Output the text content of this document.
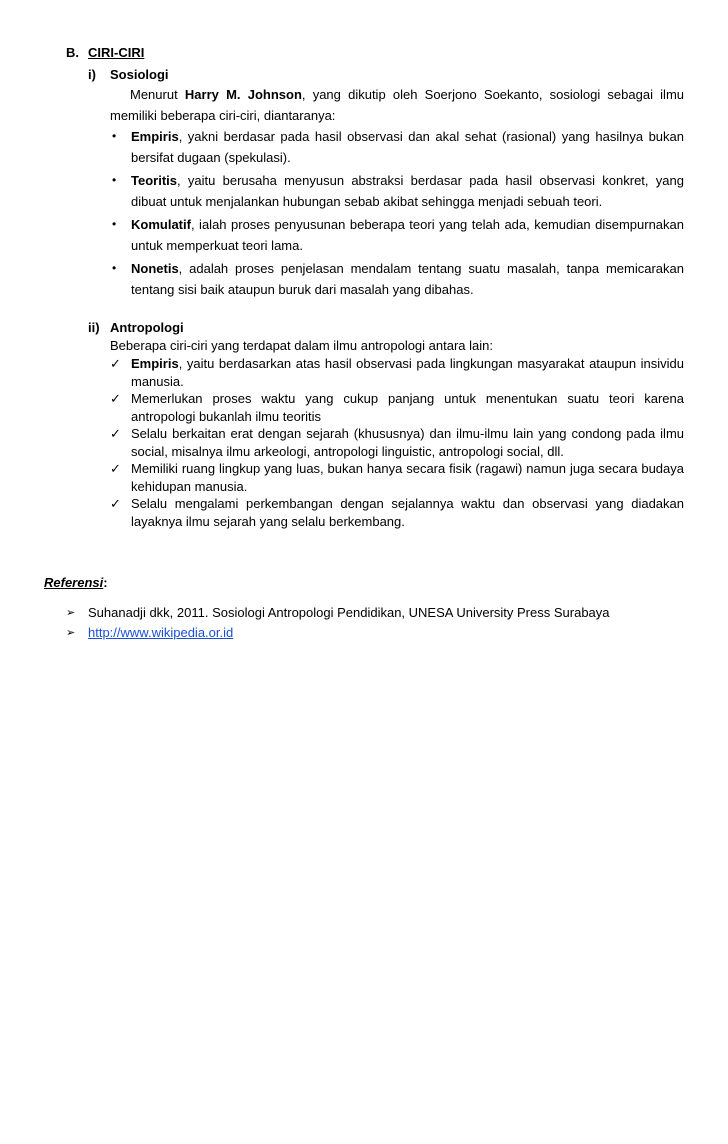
B. CIRI-CIRI
i) Sosiologi
Menurut Harry M. Johnson, yang dikutip oleh Soerjono Soekanto, sosiologi sebagai ilmu memiliki beberapa ciri-ciri, diantaranya:
• Empiris, yakni berdasar pada hasil observasi dan akal sehat (rasional) yang hasilnya bukan bersifat dugaan (spekulasi).
• Teoritis, yaitu berusaha menyusun abstraksi berdasar pada hasil observasi konkret, yang dibuat untuk menjalankan hubungan sebab akibat sehingga menjadi sebuah teori.
• Komulatif, ialah proses penyusunan beberapa teori yang telah ada, kemudian disempurnakan untuk memperkuat teori lama.
• Nonetis, adalah proses penjelasan mendalam tentang suatu masalah, tanpa memicarakan tentang sisi baik ataupun buruk dari masalah yang dibahas.
ii) Antropologi
Beberapa ciri-ciri yang terdapat dalam ilmu antropologi antara lain:
✓ Empiris, yaitu berdasarkan atas hasil observasi pada lingkungan masyarakat ataupun insividu manusia.
✓ Memerlukan proses waktu yang cukup panjang untuk menentukan suatu teori karena antropologi bukanlah ilmu teoritis
✓ Selalu berkaitan erat dengan sejarah (khususnya) dan ilmu-ilmu lain yang condong pada ilmu social, misalnya ilmu arkeologi, antropologi linguistic, antropologi social, dll.
✓ Memiliki ruang lingkup yang luas, bukan hanya secara fisik (ragawi) namun juga secara budaya kehidupan manusia.
✓ Selalu mengalami perkembangan dengan sejalannya waktu dan observasi yang diadakan layaknya ilmu sejarah yang selalu berkembang.
Referensi:
➢ Suhanadji dkk, 2011. Sosiologi Antropologi Pendidikan, UNESA University Press Surabaya
➢ http://www.wikipedia.or.id
